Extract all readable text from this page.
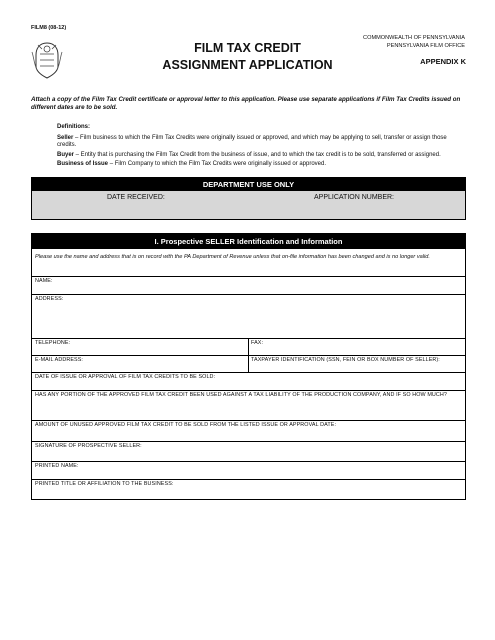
FILM8 (08-12)
FILM TAX CREDIT
ASSIGNMENT APPLICATION
COMMONWEALTH OF PENNSYLVANIA
PENNSYLVANIA FILM OFFICE
APPENDIX K
Attach a copy of the Film Tax Credit certificate or approval letter to this application. Please use separate applications if Film Tax Credits issued on different dates are to be sold.
Definitions:

Seller – Film business to which the Film Tax Credits were originally issued or approved, and which may be applying to sell, transfer or assign those credits.

Buyer – Entity that is purchasing the Film Tax Credit from the business of issue, and to which the tax credit is to be sold, transferred or assigned.

Business of Issue – Film Company to which the Film Tax Credits were originally issued or approved.

DEPARTMENT USE ONLY
DATE RECEIVED:	APPLICATION NUMBER:
I. Prospective SELLER Identification and Information
Please use the name and address that is on record with the PA Department of Revenue unless that on-file information has been changed and is no longer valid.
NAME:
ADDRESS:
TELEPHONE:	FAX:
E-MAIL ADDRESS:	TAXPAYER IDENTIFICATION (SSN, FEIN OR BOX NUMBER OF SELLER):
DATE OF ISSUE OR APPROVAL OF FILM TAX CREDITS TO BE SOLD:
HAS ANY PORTION OF THE APPROVED FILM TAX CREDIT BEEN USED AGAINST A TAX LIABILITY OF THE PRODUCTION COMPANY, AND IF SO HOW MUCH?
AMOUNT OF UNUSED APPROVED FILM TAX CREDIT TO BE SOLD FROM THE LISTED ISSUE OR APPROVAL DATE:
SIGNATURE OF PROSPECTIVE SELLER:
PRINTED NAME:
PRINTED TITLE OR AFFILIATION TO THE BUSINESS:
